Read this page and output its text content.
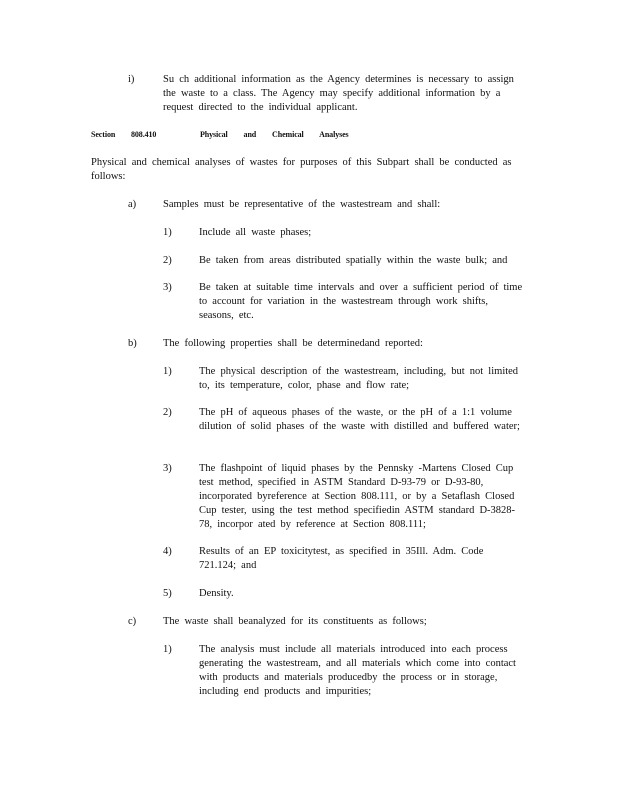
i)	Su ch additional information as the Agency determines is necessary to assign the waste to a class. The Agency may specify additional information by a request directed to the individual applicant.
Section 808.410	Physical and Chemical Analyses
Physical and chemical analyses of wastes for purposes of this Subpart shall be conducted as follows:
a)	Samples must be representative of the wastestream and shall:
1)	Include all waste phases;
2)	Be taken from areas distributed spatially within the waste bulk; and
3)	Be taken at suitable time intervals and over a sufficient period of time to account for variation in the wastestream through work shifts, seasons, etc.
b)	The following properties shall be determinedand reported:
1)	The physical description of the wastestream, including, but not limited to, its temperature, color, phase and flow rate;
2)	The pH of aqueous phases of the waste, or the pH of a 1:1 volume dilution of solid phases of the waste with distilled and buffered water;
3)	The flashpoint of liquid phases by the Pennsky -Martens Closed Cup test method, specified in ASTM Standard D-93-79 or D-93-80, incorporated byreference at Section 808.111, or by a Setaflash Closed Cup tester, using the test method specifiedin ASTM standard D-3828-78, incorpor ated by reference at Section 808.111;
4)	Results of an EP toxicitytest, as specified in 35Ill. Adm. Code 721.124; and
5)	Density.
c)	The waste shall beanalyzed for its constituents as follows;
1)	The analysis must include all materials introduced into each process generating the wastestream, and all materials which come into contact with products and materials producedby the process or in storage, including end products and impurities;
